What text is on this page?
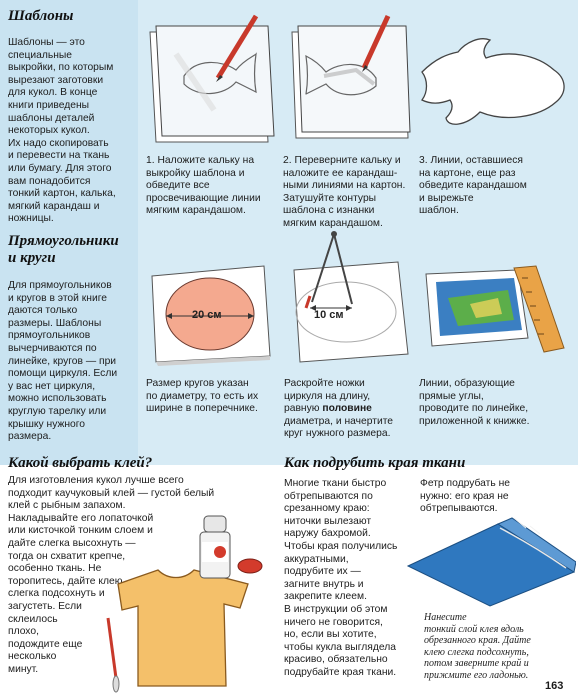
Шаблоны
Шаблоны — это
специальные
выкройки, по которым
вырезают заготовки
для кукол. В конце
книги приведены
шаблоны деталей
некоторых кукол.
Их надо скопировать
и перевести на ткань
или бумагу. Для этого
вам понадобится
тонкий картон, калька,
мягкий карандаш и
ножницы.
1. Наложите кальку на
выкройку шаблона и
обведите все
просвечивающие линии
мягким карандашом.
2. Переверните кальку и
наложите ее карандаш-
ными линиями на картон.
Затушуйте контуры
шаблона с изнанки
мягким карандашом.
3. Линии, оставшиеся
на картоне, еще раз
обведите карандашом
и вырежьте
шаблон.
Прямоугольники
и круги
Для прямоугольников
и кругов в этой книге
даются только
размеры. Шаблоны
прямоугольников
вычерчиваются по
линейке, кругов — при
помощи циркуля. Если
у вас нет циркуля,
можно использовать
круглую тарелку или
крышку нужного
размера.
20 см
Размер кругов указан
по диаметру, то есть их
ширине в поперечнике.
10 см
Раскройте ножки
циркуля на длину,
равную половине
диаметра, и начертите
круг нужного размера.
Линии, образующие
прямые углы,
проводите по линейке,
приложенной к книжке.
Какой выбрать клей?
Для изготовления кукол лучше всего
подходит каучуковый клей — густой белый
клей с рыбным запахом.
Накладывайте его лопаточкой
или кисточкой тонким слоем и
дайте слегка высохнуть —
тогда он схватит крепче,
особенно ткань. Не
торопитесь, дайте клею
слегка подсохнуть и
загустеть. Если
склеилось
плохо,
подождите еще
несколько
минут.
Как подрубить края ткани
Многие ткани быстро
обтрепываются по
срезанному краю:
ниточки вылезают
наружу бахромой.
Чтобы края получились
аккуратными,
подрубите их —
загните внутрь и
закрепите клеем.
В инструкции об этом
ничего не говорится,
но, если вы хотите,
чтобы кукла выглядела
красиво, обязательно
подрубайте края ткани.
Фетр подрубать не
нужно: его края не
обтрепываются.
Нанесите
тонкий слой клея вдоль
обрезанного края. Дайте
клею слегка подсохнуть,
потом заверните край и
прижмите его ладонью.
163
